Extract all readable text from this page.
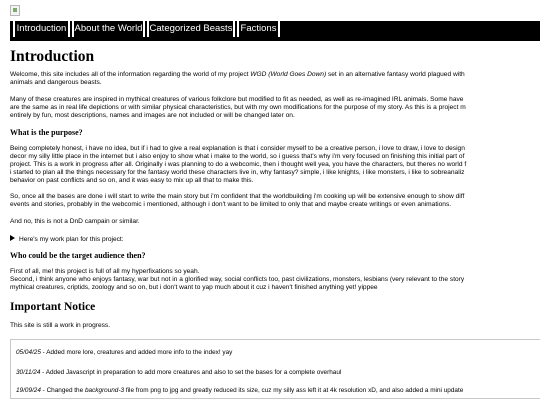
Introduction About the World Categorized Beasts Factions
Introduction

Welcome, this site includes all of the information regarding the world of my project WGD (World Goes Down) set in an alternative fantasy world plagued with

animals and dangerous beasts.

Many of these creatures are inspired in mythical creatures of various folkclore but modified to fit as needed, as well as re-imagined IRL animals. Some have

are the same as in real life depictions or with similar physical characteristics, but with my own modifications for the purpose of my story. As this is a project m

entirely by fun, most descriptions, names and images are not included or will be changed later on.

What is the purpose?

Being completely honest, i have no idea, but if i had to give a real explanation is that i consider myself to be a creative person, i love to draw, i love to design

decor my silly little place in the internet but i also enjoy to show what i make to the world, so i guess that's why i'm very focused on finishing this initial part of

project. This is a work in progress after all. Originally i was planning to do a webcomic, then i thought well yea, you have the characters, but theres no world f

i started to plan all the things necessary for the fantasy world these characters live in, why fantasy? simple, i like knights, i like monsters, i like to sobreanaliz

behavior on past conflicts and so on, and it was easy to mix up all that to make this.

So, once all the bases are done i will start to write the main story but i'm confident that the worldbuilding i'm cooking up will be extensive enough to show diff

events and stories, probably in the webcomic i mentioned, although i don't want to be limited to only that and maybe create writings or even animations.

And no, this is not a DnD campain or similar.

Here's my work plan for this project:
Who could be the target audience then?

First of all, me! this project is full of all my hyperfixations so yeah.

Second, i think anyone who enjoys fantasy, war but not in a glorified way, social conflicts too, past civilizations, monsters, lesbians (very relevant to the story

mythical creatures, criptids, zoology and so on, but i don't want to yap much about it cuz i haven't finished anything yet! yippee

Important Notice

This site is still a work in progress.

05/04/25 - Added more lore, creatures and added more info to the index! yay
30/11/24 - Added Javascript in preparation to add more creatures and also to set the bases for a complete overhaul
19/09/24 - Changed the background-3 file from png to jpg and greatly reduced its size, cuz my silly ass left it at 4k resolution xD, and also added a mini update
